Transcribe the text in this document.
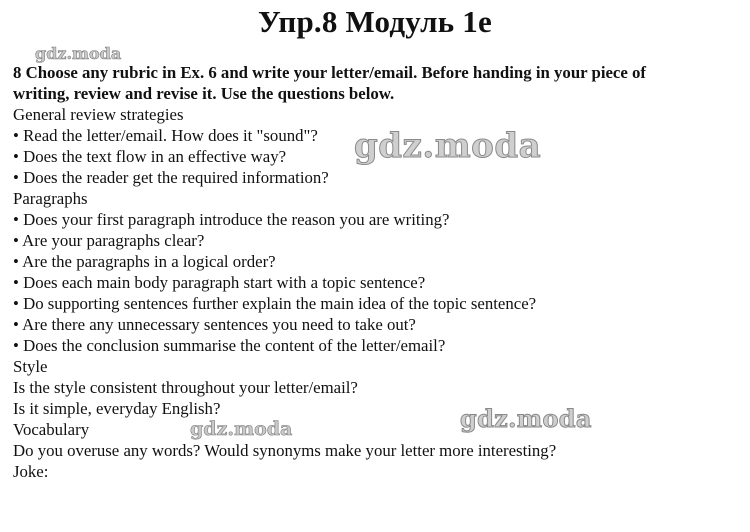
Упр.8 Модуль 1е
gdz.moda
gdz.moda
gdz.moda
gdz.moda
8 Choose any rubric in Ex. 6 and write your letter/email. Before handing in your piece of
writing, review and revise it. Use the questions below.
General review strategies
• Read the letter/email. How does it "sound"?
• Does the text flow in an effective way?
• Does the reader get the required information?
Paragraphs
• Does your first paragraph introduce the reason you are writing?
• Are your paragraphs clear?
• Are the paragraphs in a logical order?
• Does each main body paragraph start with a topic sentence?
• Do supporting sentences further explain the main idea of the topic sentence?
• Are there any unnecessary sentences you need to take out?
• Does the conclusion summarise the content of the letter/email?
Style
Is the style consistent throughout your letter/email?
Is it simple, everyday English?
Vocabulary
Do you overuse any words? Would synonyms make your letter more interesting?
Joke:
